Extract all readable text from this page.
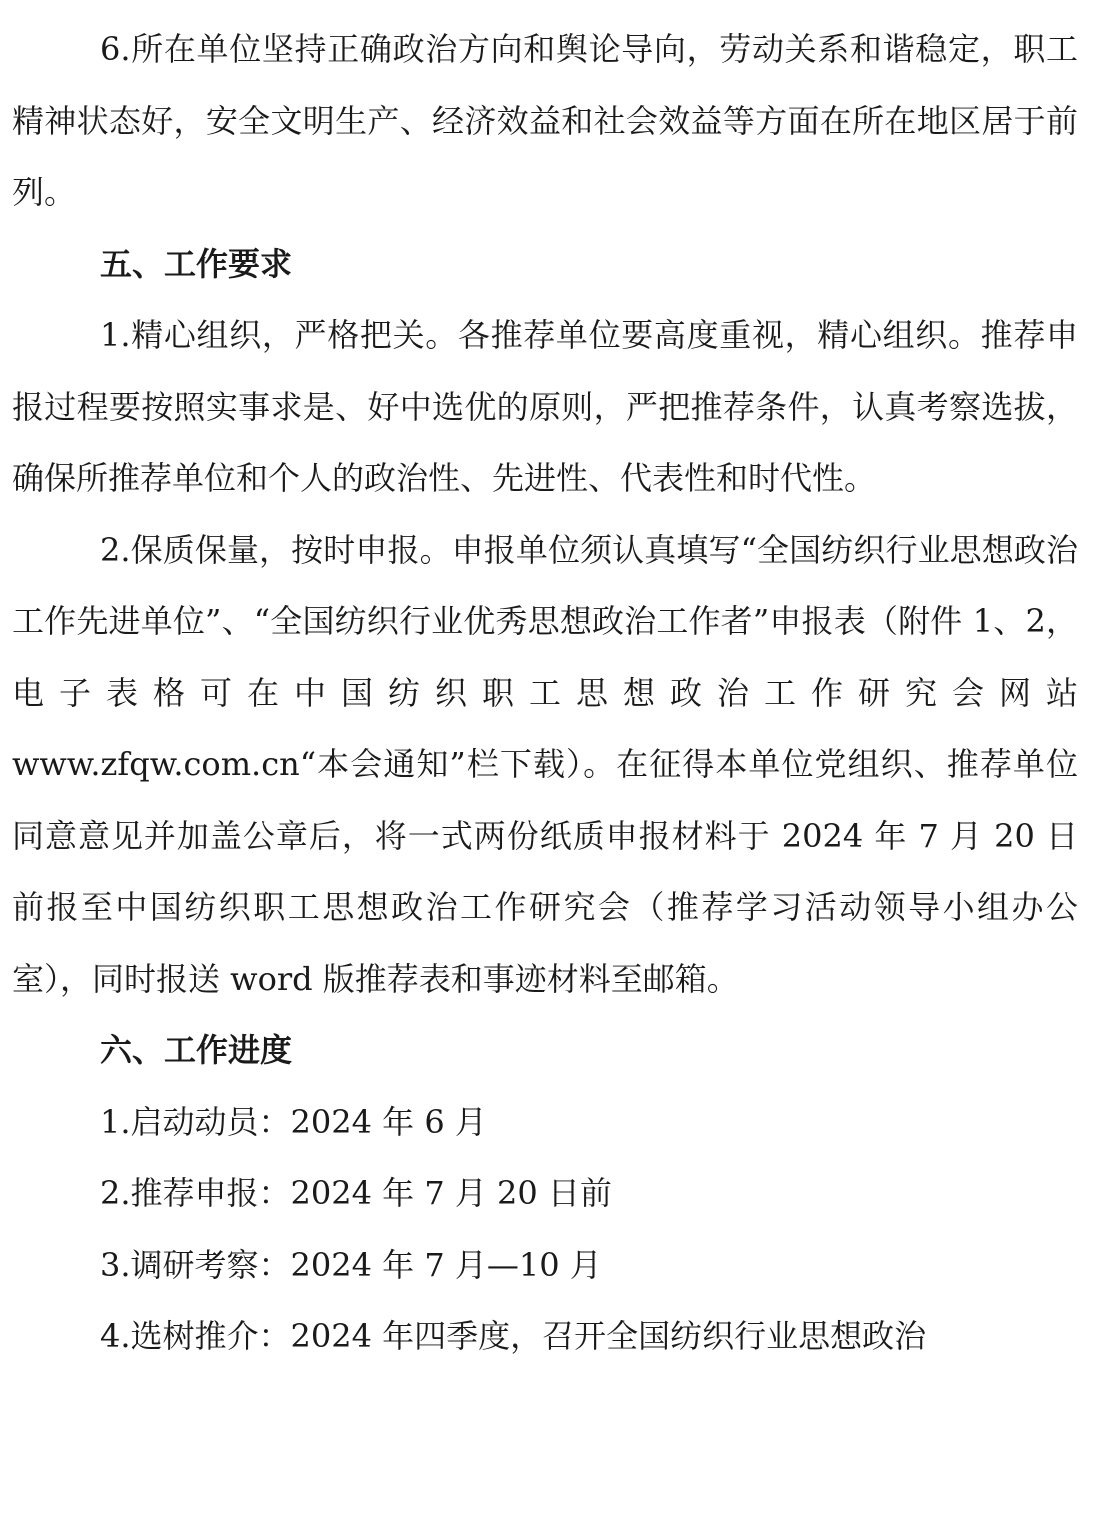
6.所在单位坚持正确政治方向和舆论导向，劳动关系和谐稳定，职工精神状态好，安全文明生产、经济效益和社会效益等方面在所在地区居于前列。

五、工作要求

1.精心组织，严格把关。各推荐单位要高度重视，精心组织。推荐申报过程要按照实事求是、好中选优的原则，严把推荐条件，认真考察选拔，确保所推荐单位和个人的政治性、先进性、代表性和时代性。

2.保质保量，按时申报。申报单位须认真填写“全国纺织行业思想政治工作先进单位”、“全国纺织行业优秀思想政治工作者”申报表（附件 1、2，电子表格可在中国纺织职工思想政治工作研究会网站 www.zfqw.com.cn“本会通知”栏下载）。在征得本单位党组织、推荐单位同意意见并加盖公章后，将一式两份纸质申报材料于 2024 年 7 月 20 日前报至中国纺织职工思想政治工作研究会（推荐学习活动领导小组办公室），同时报送 word 版推荐表和事迹材料至邮箱。

六、工作进度

1.启动动员：2024 年 6 月

2.推荐申报：2024 年 7 月 20 日前

3.调研考察：2024 年 7 月—10 月

4.选树推介：2024 年四季度，召开全国纺织行业思想政治
